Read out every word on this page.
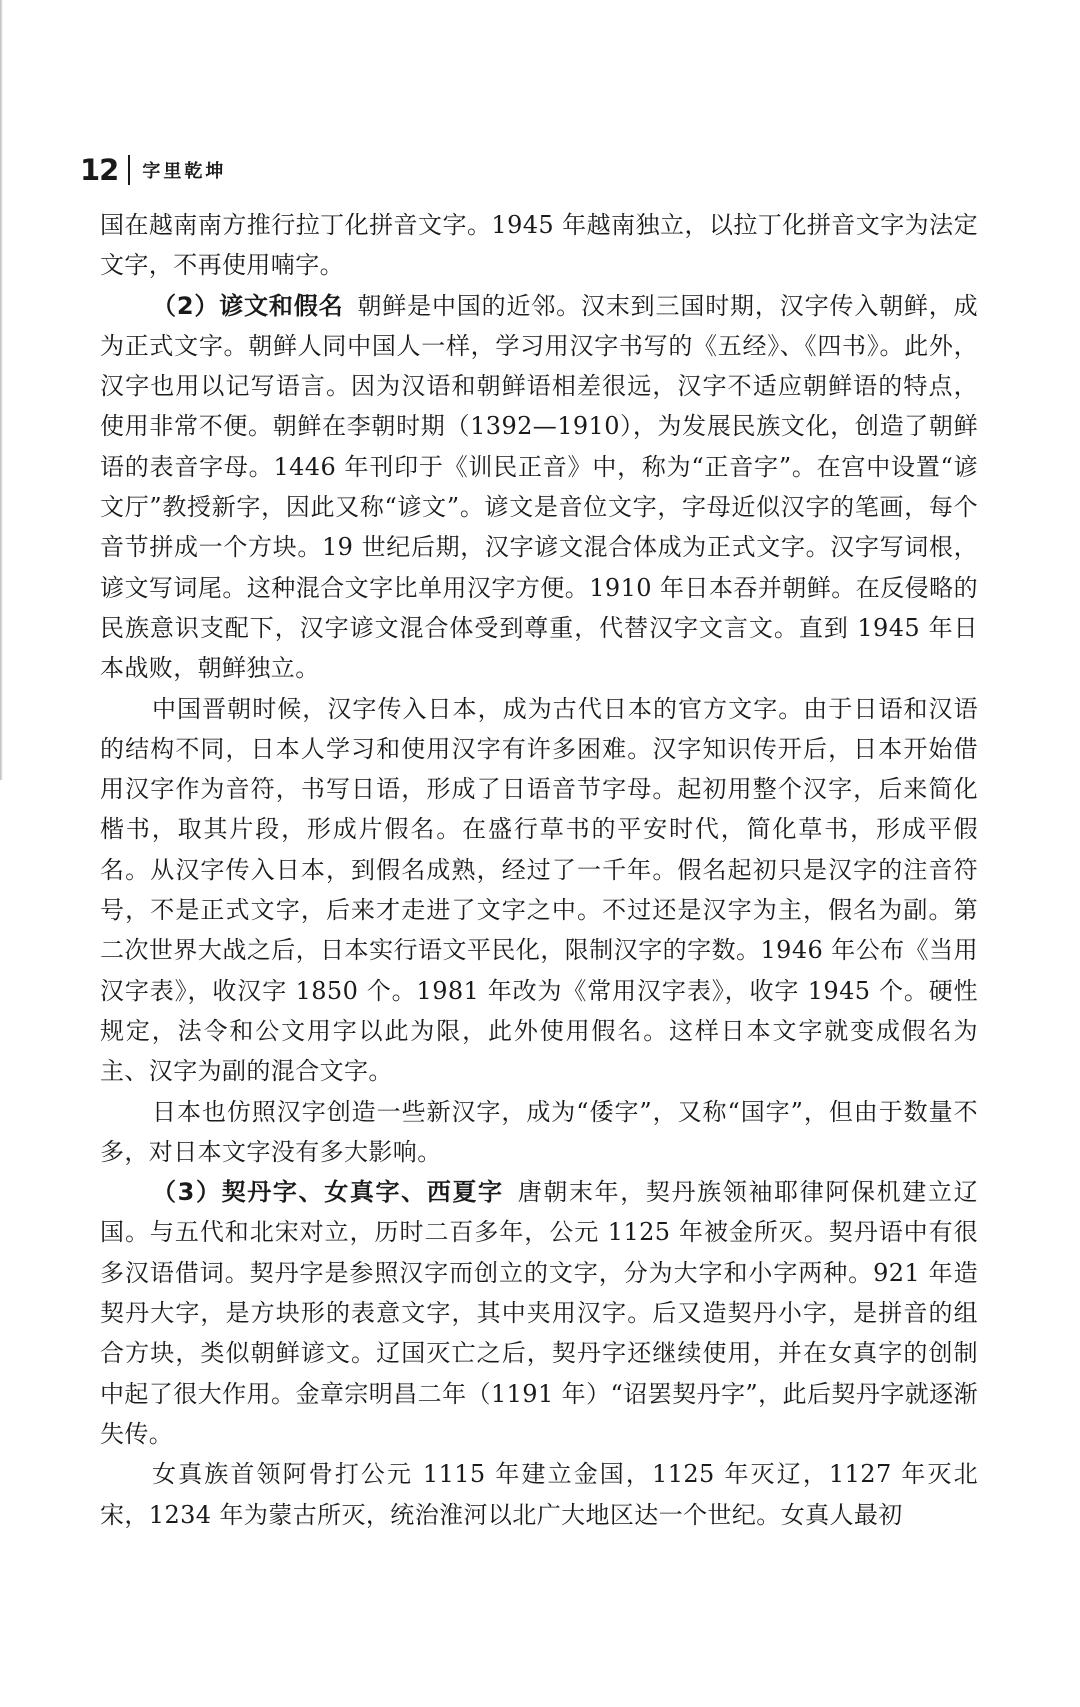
12 字里乾坤

国在越南南方推行拉丁化拼音文字。1945 年越南独立，以拉丁化拼音文字为法定文字，不再使用喃字。

（2）谚文和假名 朝鲜是中国的近邻。汉末到三国时期，汉字传入朝鲜，成为正式文字。朝鲜人同中国人一样，学习用汉字书写的《五经》、《四书》。此外，汉字也用以记写语言。因为汉语和朝鲜语相差很远，汉字不适应朝鲜语的特点，使用非常不便。朝鲜在李朝时期（1392—1910），为发展民族文化，创造了朝鲜语的表音字母。1446 年刊印于《训民正音》中，称为“正音字”。在宫中设置“谚文厅”教授新字，因此又称“谚文”。谚文是音位文字，字母近似汉字的笔画，每个音节拼成一个方块。19 世纪后期，汉字谚文混合体成为正式文字。汉字写词根，谚文写词尾。这种混合文字比单用汉字方便。1910 年日本吞并朝鲜。在反侵略的民族意识支配下，汉字谚文混合体受到尊重，代替汉字文言文。直到 1945 年日本战败，朝鲜独立。

中国晋朝时候，汉字传入日本，成为古代日本的官方文字。由于日语和汉语的结构不同，日本人学习和使用汉字有许多困难。汉字知识传开后，日本开始借用汉字作为音符，书写日语，形成了日语音节字母。起初用整个汉字，后来简化楷书，取其片段，形成片假名。在盛行草书的平安时代，简化草书，形成平假名。从汉字传入日本，到假名成熟，经过了一千年。假名起初只是汉字的注音符号，不是正式文字，后来才走进了文字之中。不过还是汉字为主，假名为副。第二次世界大战之后，日本实行语文平民化，限制汉字的字数。1946 年公布《当用汉字表》，收汉字 1850 个。1981 年改为《常用汉字表》，收字 1945 个。硬性规定，法令和公文用字以此为限，此外使用假名。这样日本文字就变成假名为主、汉字为副的混合文字。

日本也仿照汉字创造一些新汉字，成为“倭字”，又称“国字”，但由于数量不多，对日本文字没有多大影响。

（3）契丹字、女真字、西夏字 唐朝末年，契丹族领袖耶律阿保机建立辽国。与五代和北宋对立，历时二百多年，公元 1125 年被金所灭。契丹语中有很多汉语借词。契丹字是参照汉字而创立的文字，分为大字和小字两种。921 年造契丹大字，是方块形的表意文字，其中夹用汉字。后又造契丹小字，是拼音的组合方块，类似朝鲜谚文。辽国灭亡之后，契丹字还继续使用，并在女真字的创制中起了很大作用。金章宗明昌二年（1191 年）“诏罢契丹字”，此后契丹字就逐渐失传。

女真族首领阿骨打公元 1115 年建立金国，1125 年灭辽，1127 年灭北宋，1234 年为蒙古所灭，统治淮河以北广大地区达一个世纪。女真人最初
